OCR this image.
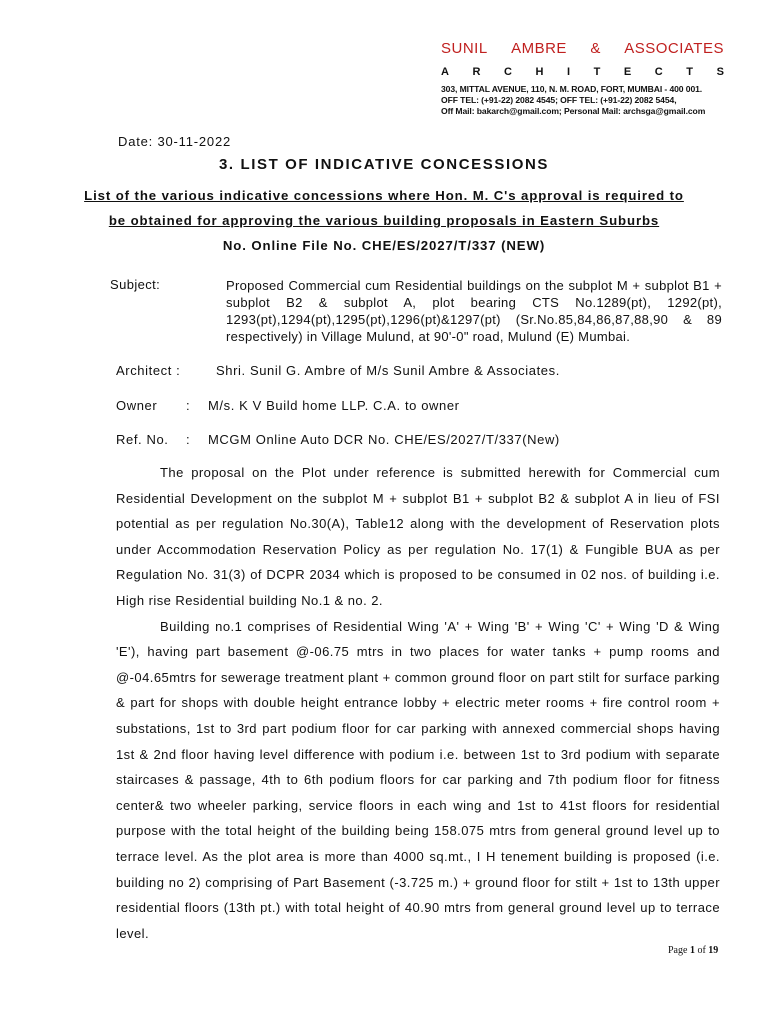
SUNIL AMBRE & ASSOCIATES
A R C H I T E C T S
303, MITTAL AVENUE, 110, N. M. ROAD, FORT, MUMBAI - 400 001.
OFF TEL: (+91-22) 2082 4545; OFF TEL: (+91-22) 2082 5454,
Off Mail: bakarch@gmail.com; Personal Mail: archsga@gmail.com
Date: 30-11-2022
3. LIST OF INDICATIVE CONCESSIONS
List of the various indicative concessions where Hon. M. C's approval is required to
be obtained for approving the various building proposals in Eastern Suburbs
No. Online File No. CHE/ES/2027/T/337 (NEW)
Subject:	Proposed Commercial cum Residential buildings on the subplot M + subplot B1 + subplot B2 & subplot A, plot bearing CTS No.1289(pt), 1292(pt), 1293(pt),1294(pt),1295(pt),1296(pt)&1297(pt) (Sr.No.85,84,86,87,88,90 & 89 respectively) in Village Mulund, at 90'-0" road, Mulund (E) Mumbai.
Architect :	Shri. Sunil G. Ambre of M/s Sunil Ambre & Associates.
Owner : M/s. K V Build home LLP. C.A. to owner
Ref. No. : MCGM Online Auto DCR No. CHE/ES/2027/T/337(New)

The proposal on the Plot under reference is submitted herewith for Commercial cum Residential Development on the subplot M + subplot B1 + subplot B2 & subplot A in lieu of FSI potential as per regulation No.30(A), Table12 along with the development of Reservation plots under Accommodation Reservation Policy as per regulation No. 17(1) & Fungible BUA as per Regulation No. 31(3) of DCPR 2034 which is proposed to be consumed in 02 nos. of building i.e. High rise Residential building No.1 & no. 2.

Building no.1 comprises of Residential Wing 'A' + Wing 'B' + Wing 'C' + Wing 'D & Wing 'E'), having part basement @-06.75 mtrs in two places for water tanks + pump rooms and @-04.65mtrs for sewerage treatment plant + common ground floor on part stilt for surface parking & part for shops with double height entrance lobby + electric meter rooms + fire control room + substations, 1st to 3rd part podium floor for car parking with annexed commercial shops having 1st & 2nd floor having level difference with podium i.e. between 1st to 3rd podium with separate staircases & passage, 4th to 6th podium floors for car parking and 7th podium floor for fitness center& two wheeler parking, service floors in each wing and 1st to 41st floors for residential purpose with the total height of the building being 158.075 mtrs from general ground level up to terrace level. As the plot area is more than 4000 sq.mt., I H tenement building is proposed (i.e. building no 2) comprising of Part Basement (-3.725 m.) + ground floor for stilt + 1st to 13th upper residential floors (13th pt.) with total height of 40.90 mtrs from general ground level up to terrace level.

Page 1 of 19
